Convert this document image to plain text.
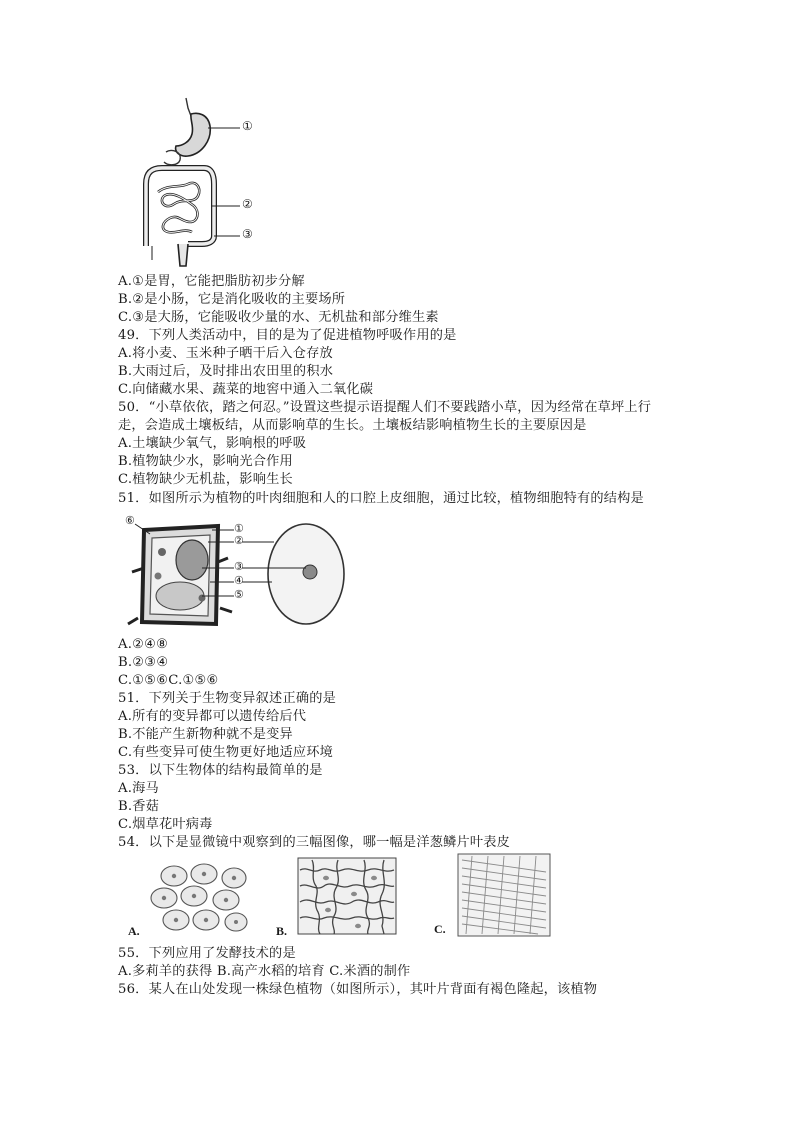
①
②
③
A.①是胃，它能把脂肪初步分解
B.②是小肠，它是消化吸收的主要场所
C.③是大肠，它能吸收少量的水、无机盐和部分维生素
49．下列人类活动中，目的是为了促进植物呼吸作用的是
A.将小麦、玉米种子晒干后入仓存放
B.大雨过后，及时排出农田里的积水
C.向储藏水果、蔬菜的地窖中通入二氧化碳
50．“小草依依，踏之何忍。”设置这些提示语提醒人们不要践踏小草，因为经常在草坪上行
走，会造成土壤板结，从而影响草的生长。土壤板结影响植物生长的主要原因是
A.土壤缺少氧气，影响根的呼吸
B.植物缺少水，影响光合作用
C.植物缺少无机盐，影响生长
51．如图所示为植物的叶肉细胞和人的口腔上皮细胞，通过比较，植物细胞特有的结构是
⑥
①
②
③
④
⑤
A.②④⑧
B.②③④
C.①⑤⑥C.①⑤⑥
51．下列关于生物变异叙述正确的是
A.所有的变异都可以遗传给后代
B.不能产生新物种就不是变异
C.有些变异可使生物更好地适应环境
53．以下生物体的结构最简单的是
A.海马
B.香菇
C.烟草花叶病毒
54．以下是显微镜中观察到的三幅图像，哪一幅是洋葱鳞片叶表皮
A.	B.	C.
55．下列应用了发酵技术的是
A.多莉羊的获得 B.高产水稻的培育 C.米酒的制作
56．某人在山处发现一株绿色植物（如图所示），其叶片背面有褐色隆起，该植物
